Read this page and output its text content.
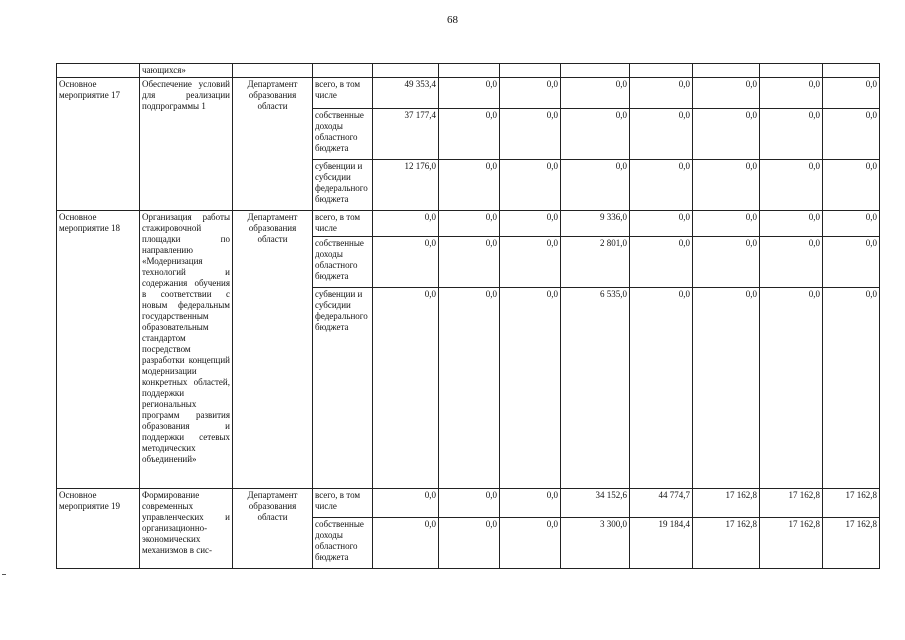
68
	чающихся»										
Основное мероприятие 17	Обеспечение условий для реализации подпрограммы 1	Департамент образования области	всего, в том числе	49 353,4	0,0	0,0	0,0	0,0	0,0	0,0	0,0
			собственные доходы областного бюджета	37 177,4	0,0	0,0	0,0	0,0	0,0	0,0	0,0
			субвенции и субсидии федерального бюджета	12 176,0	0,0	0,0	0,0	0,0	0,0	0,0	0,0
Основное мероприятие 18	Организация работы стажировочной площадки по направлению «Модернизация технологий и содержания обучения в соответствии с новым федеральным государственным образовательным стандартом посредством разработки концепций модернизации конкретных областей, поддержки региональных программ развития образования и поддержки сетевых методических объединений»	Департамент образования области	всего, в том числе	0,0	0,0	0,0	9 336,0	0,0	0,0	0,0	0,0
			собственные доходы областного бюджета	0,0	0,0	0,0	2 801,0	0,0	0,0	0,0	0,0
			субвенции и субсидии федерального бюджета	0,0	0,0	0,0	6 535,0	0,0	0,0	0,0	0,0
Основное мероприятие 19	Формирование современных управленческих и организационно-экономических механизмов в сис-	Департамент образования области	всего, в том числе	0,0	0,0	0,0	34 152,6	44 774,7	17 162,8	17 162,8	17 162,8
			собственные доходы областного бюджета	0,0	0,0	0,0	3 300,0	19 184,4	17 162,8	17 162,8	17 162,8
